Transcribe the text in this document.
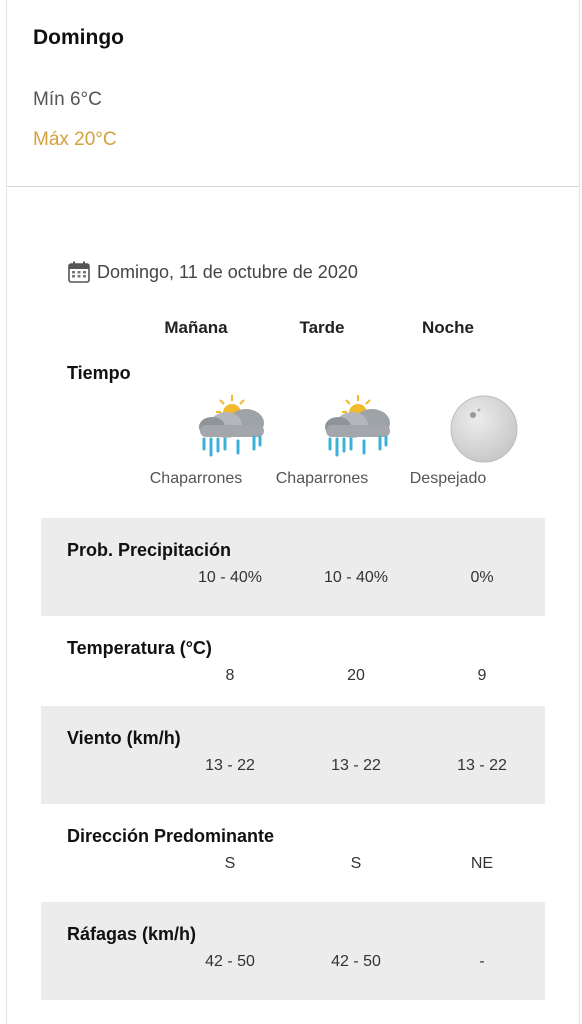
Domingo
Mín 6°C
Máx 20°C
Domingo, 11 de octubre de 2020
Mañana	Tarde	Noche
Tiempo
Chaparrones	Chaparrones	Despejado
Prob. Precipitación
10 - 40%	10 - 40%	0%
Temperatura (°C)
8	20	9
Viento (km/h)
13 - 22	13 - 22	13 - 22
Dirección Predominante
S	S	NE
Ráfagas (km/h)
42 - 50	42 - 50	-
